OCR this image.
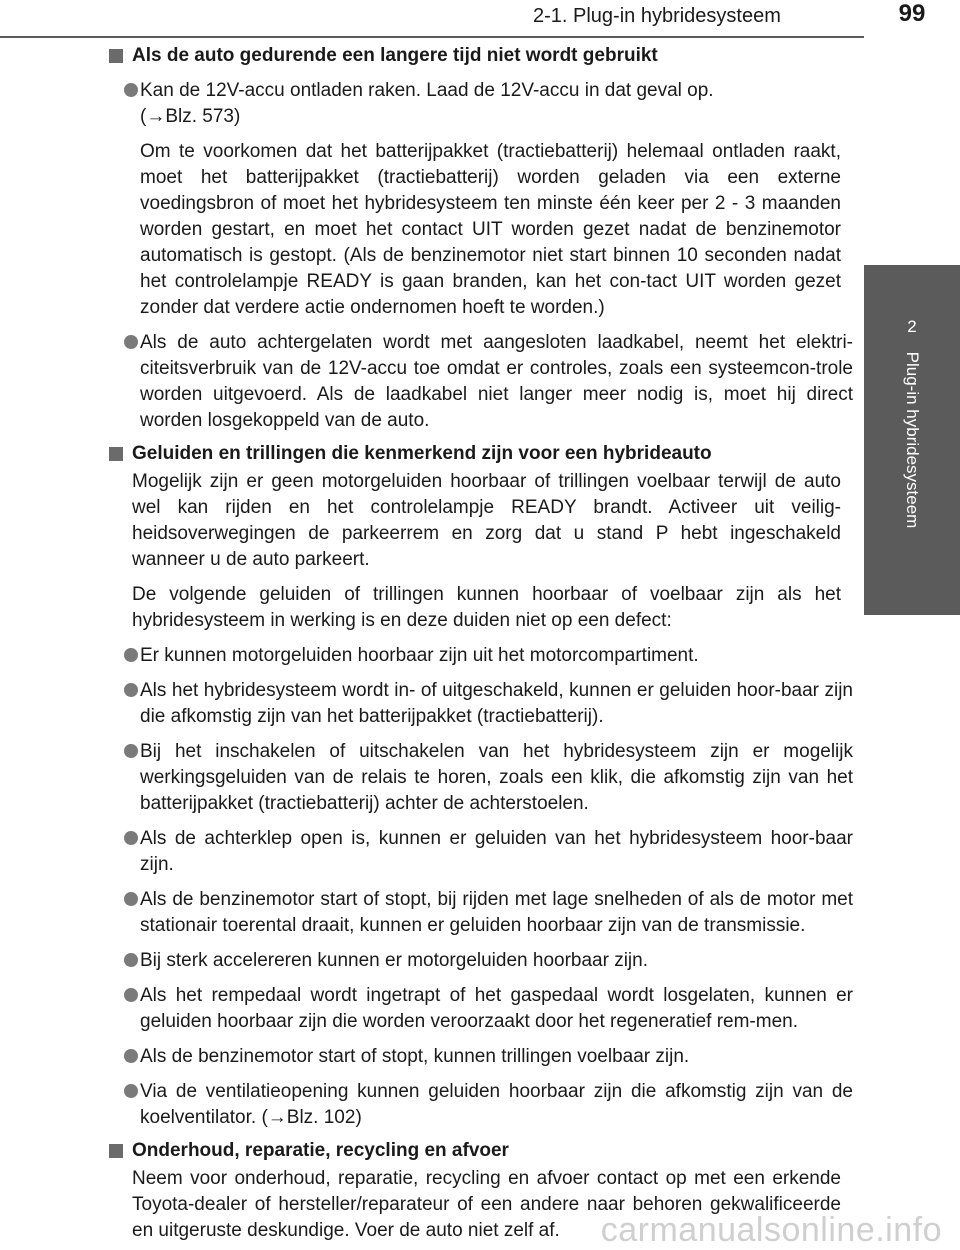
2-1. Plug-in hybridesysteem	99
2
Plug-in hybridesysteem
Als de auto gedurende een langere tijd niet wordt gebruikt
Kan de 12V-accu ontladen raken. Laad de 12V-accu in dat geval op.
(→Blz. 573)
Om te voorkomen dat het batterijpakket (tractiebatterij) helemaal ontladen raakt, moet het batterijpakket (tractiebatterij) worden geladen via een externe voedingsbron of moet het hybridesysteem ten minste één keer per 2 - 3 maanden worden gestart, en moet het contact UIT worden gezet nadat de benzinemotor automatisch is gestopt. (Als de benzinemotor niet start binnen 10 seconden nadat het controlelampje READY is gaan branden, kan het con-tact UIT worden gezet zonder dat verdere actie ondernomen hoeft te worden.)
Als de auto achtergelaten wordt met aangesloten laadkabel, neemt het elektri-citeitsverbruik van de 12V-accu toe omdat er controles, zoals een systeemcon-trole worden uitgevoerd. Als de laadkabel niet langer meer nodig is, moet hij direct worden losgekoppeld van de auto.
Geluiden en trillingen die kenmerkend zijn voor een hybrideauto
Mogelijk zijn er geen motorgeluiden hoorbaar of trillingen voelbaar terwijl de auto wel kan rijden en het controlelampje READY brandt. Activeer uit veilig-heidsoverwegingen de parkeerrem en zorg dat u stand P hebt ingeschakeld wanneer u de auto parkeert.
De volgende geluiden of trillingen kunnen hoorbaar of voelbaar zijn als het hybridesysteem in werking is en deze duiden niet op een defect:
Er kunnen motorgeluiden hoorbaar zijn uit het motorcompartiment.
Als het hybridesysteem wordt in- of uitgeschakeld, kunnen er geluiden hoor-baar zijn die afkomstig zijn van het batterijpakket (tractiebatterij).
Bij het inschakelen of uitschakelen van het hybridesysteem zijn er mogelijk werkingsgeluiden van de relais te horen, zoals een klik, die afkomstig zijn van het batterijpakket (tractiebatterij) achter de achterstoelen.
Als de achterklep open is, kunnen er geluiden van het hybridesysteem hoor-baar zijn.
Als de benzinemotor start of stopt, bij rijden met lage snelheden of als de motor met stationair toerental draait, kunnen er geluiden hoorbaar zijn van de transmissie.
Bij sterk accelereren kunnen er motorgeluiden hoorbaar zijn.
Als het rempedaal wordt ingetrapt of het gaspedaal wordt losgelaten, kunnen er geluiden hoorbaar zijn die worden veroorzaakt door het regeneratief rem-men.
Als de benzinemotor start of stopt, kunnen trillingen voelbaar zijn.
Via de ventilatieopening kunnen geluiden hoorbaar zijn die afkomstig zijn van de koelventilator. (→Blz. 102)
Onderhoud, reparatie, recycling en afvoer
Neem voor onderhoud, reparatie, recycling en afvoer contact op met een erkende Toyota-dealer of hersteller/reparateur of een andere naar behoren gekwalificeerde en uitgeruste deskundige. Voer de auto niet zelf af.	carmanualsonline.info
